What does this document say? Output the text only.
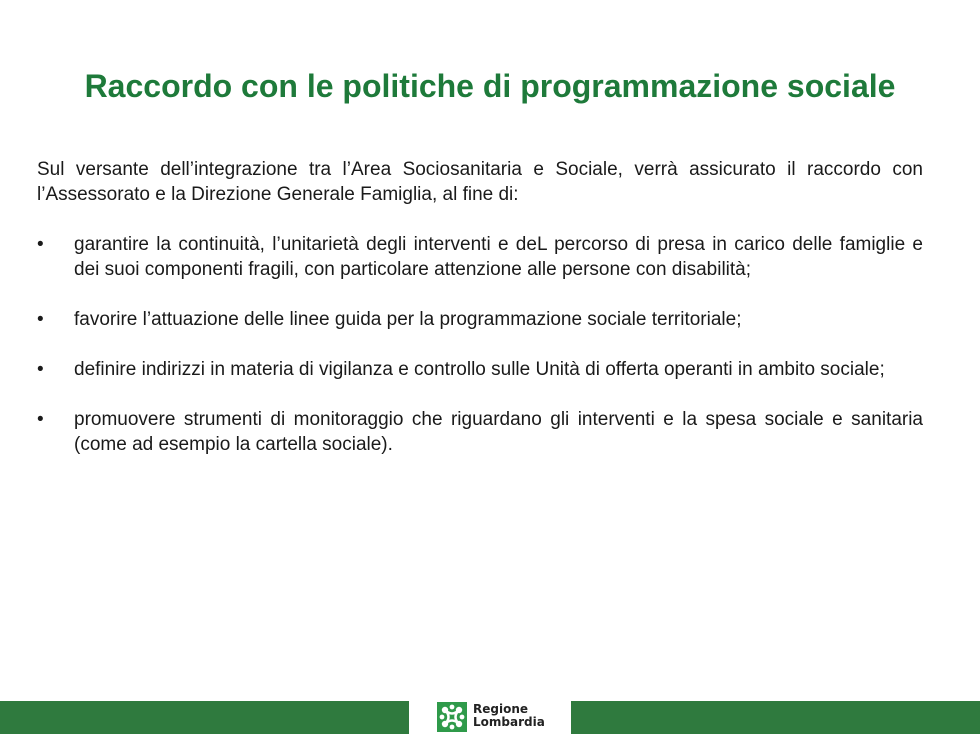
Raccordo con le politiche di programmazione sociale

Sul versante dell’integrazione tra l’Area Sociosanitaria e Sociale, verrà assicurato il raccordo con l’Assessorato e la Direzione Generale Famiglia, al fine di:

•	garantire la continuità, l’unitarietà degli interventi e deL percorso di presa in carico delle famiglie e dei suoi componenti fragili, con particolare attenzione alle persone con disabilità;
•	favorire l’attuazione delle linee guida per la programmazione sociale territoriale;
•	definire indirizzi in materia di vigilanza e controllo sulle Unità di offerta operanti in ambito sociale;
•	promuovere strumenti di monitoraggio che riguardano gli interventi e la spesa sociale e sanitaria (come ad esempio la cartella sociale).
Regione
Lombardia
